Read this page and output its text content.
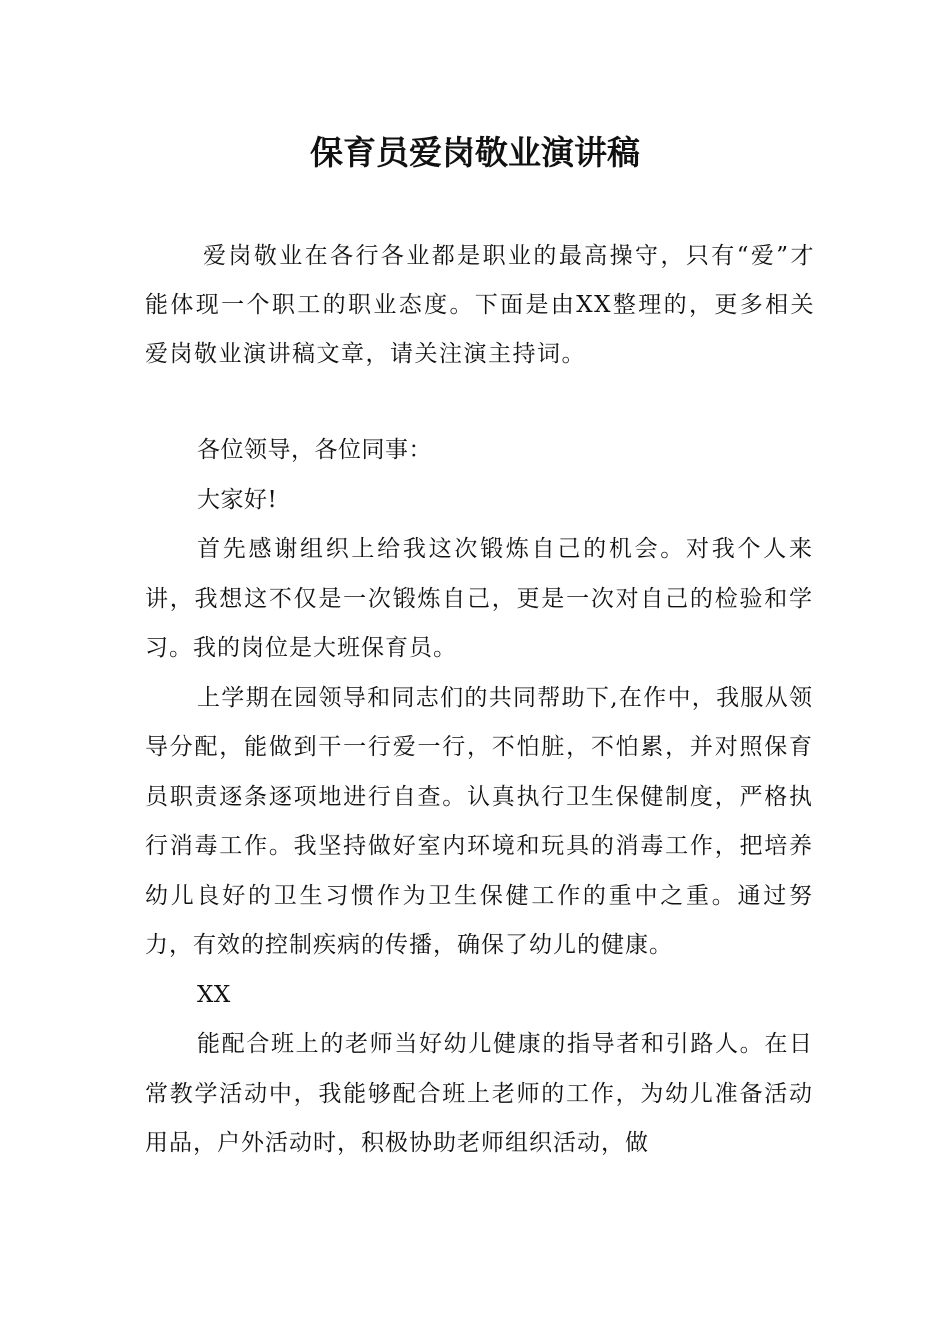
保育员爱岗敬业演讲稿
爱岗敬业在各行各业都是职业的最高操守，只有“爱”才能体现一个职工的职业态度。下面是由XX整理的，更多相关爱岗敬业演讲稿文章，请关注演主持词。

各位领导，各位同事：

大家好!

首先感谢组织上给我这次锻炼自己的机会。对我个人来讲，我想这不仅是一次锻炼自己，更是一次对自己的检验和学习。我的岗位是大班保育员。

上学期在园领导和同志们的共同帮助下,在作中，我服从领导分配，能做到干一行爱一行，不怕脏，不怕累，并对照保育员职责逐条逐项地进行自查。认真执行卫生保健制度，严格执行消毒工作。我坚持做好室内环境和玩具的消毒工作，把培养幼儿良好的卫生习惯作为卫生保健工作的重中之重。通过努力，有效的控制疾病的传播，确保了幼儿的健康。

XX

能配合班上的老师当好幼儿健康的指导者和引路人。在日常教学活动中，我能够配合班上老师的工作，为幼儿准备活动用品，户外活动时，积极协助老师组织活动，做
